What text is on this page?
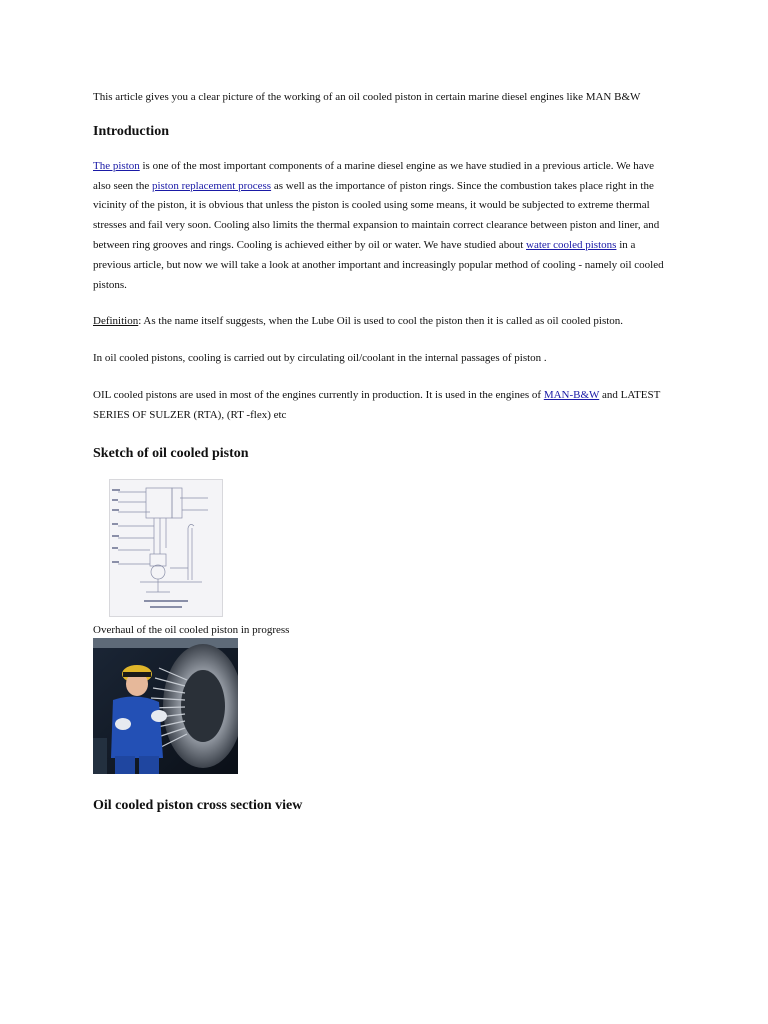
This article gives you a clear picture of the working of an oil cooled piston in certain marine diesel engines like MAN B&W

Introduction

The piston is one of the most important components of a marine diesel engine as we have studied in a previous article. We have also seen the piston replacement process as well as the importance of piston rings. Since the combustion takes place right in the vicinity of the piston, it is obvious that unless the piston is cooled using some means, it would be subjected to extreme thermal stresses and fail very soon. Cooling also limits the thermal expansion to maintain correct clearance between piston and liner, and between ring grooves and rings. Cooling is achieved either by oil or water. We have studied about water cooled pistons in a previous article, but now we will take a look at another important and increasingly popular method of cooling - namely oil cooled pistons.

Definition: As the name itself suggests, when the Lube Oil is used to cool the piston then it is called as oil cooled piston.

In oil cooled pistons, cooling is carried out by circulating oil/coolant in the internal passages of piston .

OIL cooled pistons are used in most of the engines currently in production. It is used in the engines of MAN-B&W and LATEST SERIES OF SULZER (RTA), (RT -flex) etc

Sketch of oil cooled piston

Overhaul of the oil cooled piston in progress

Oil cooled piston cross section view
